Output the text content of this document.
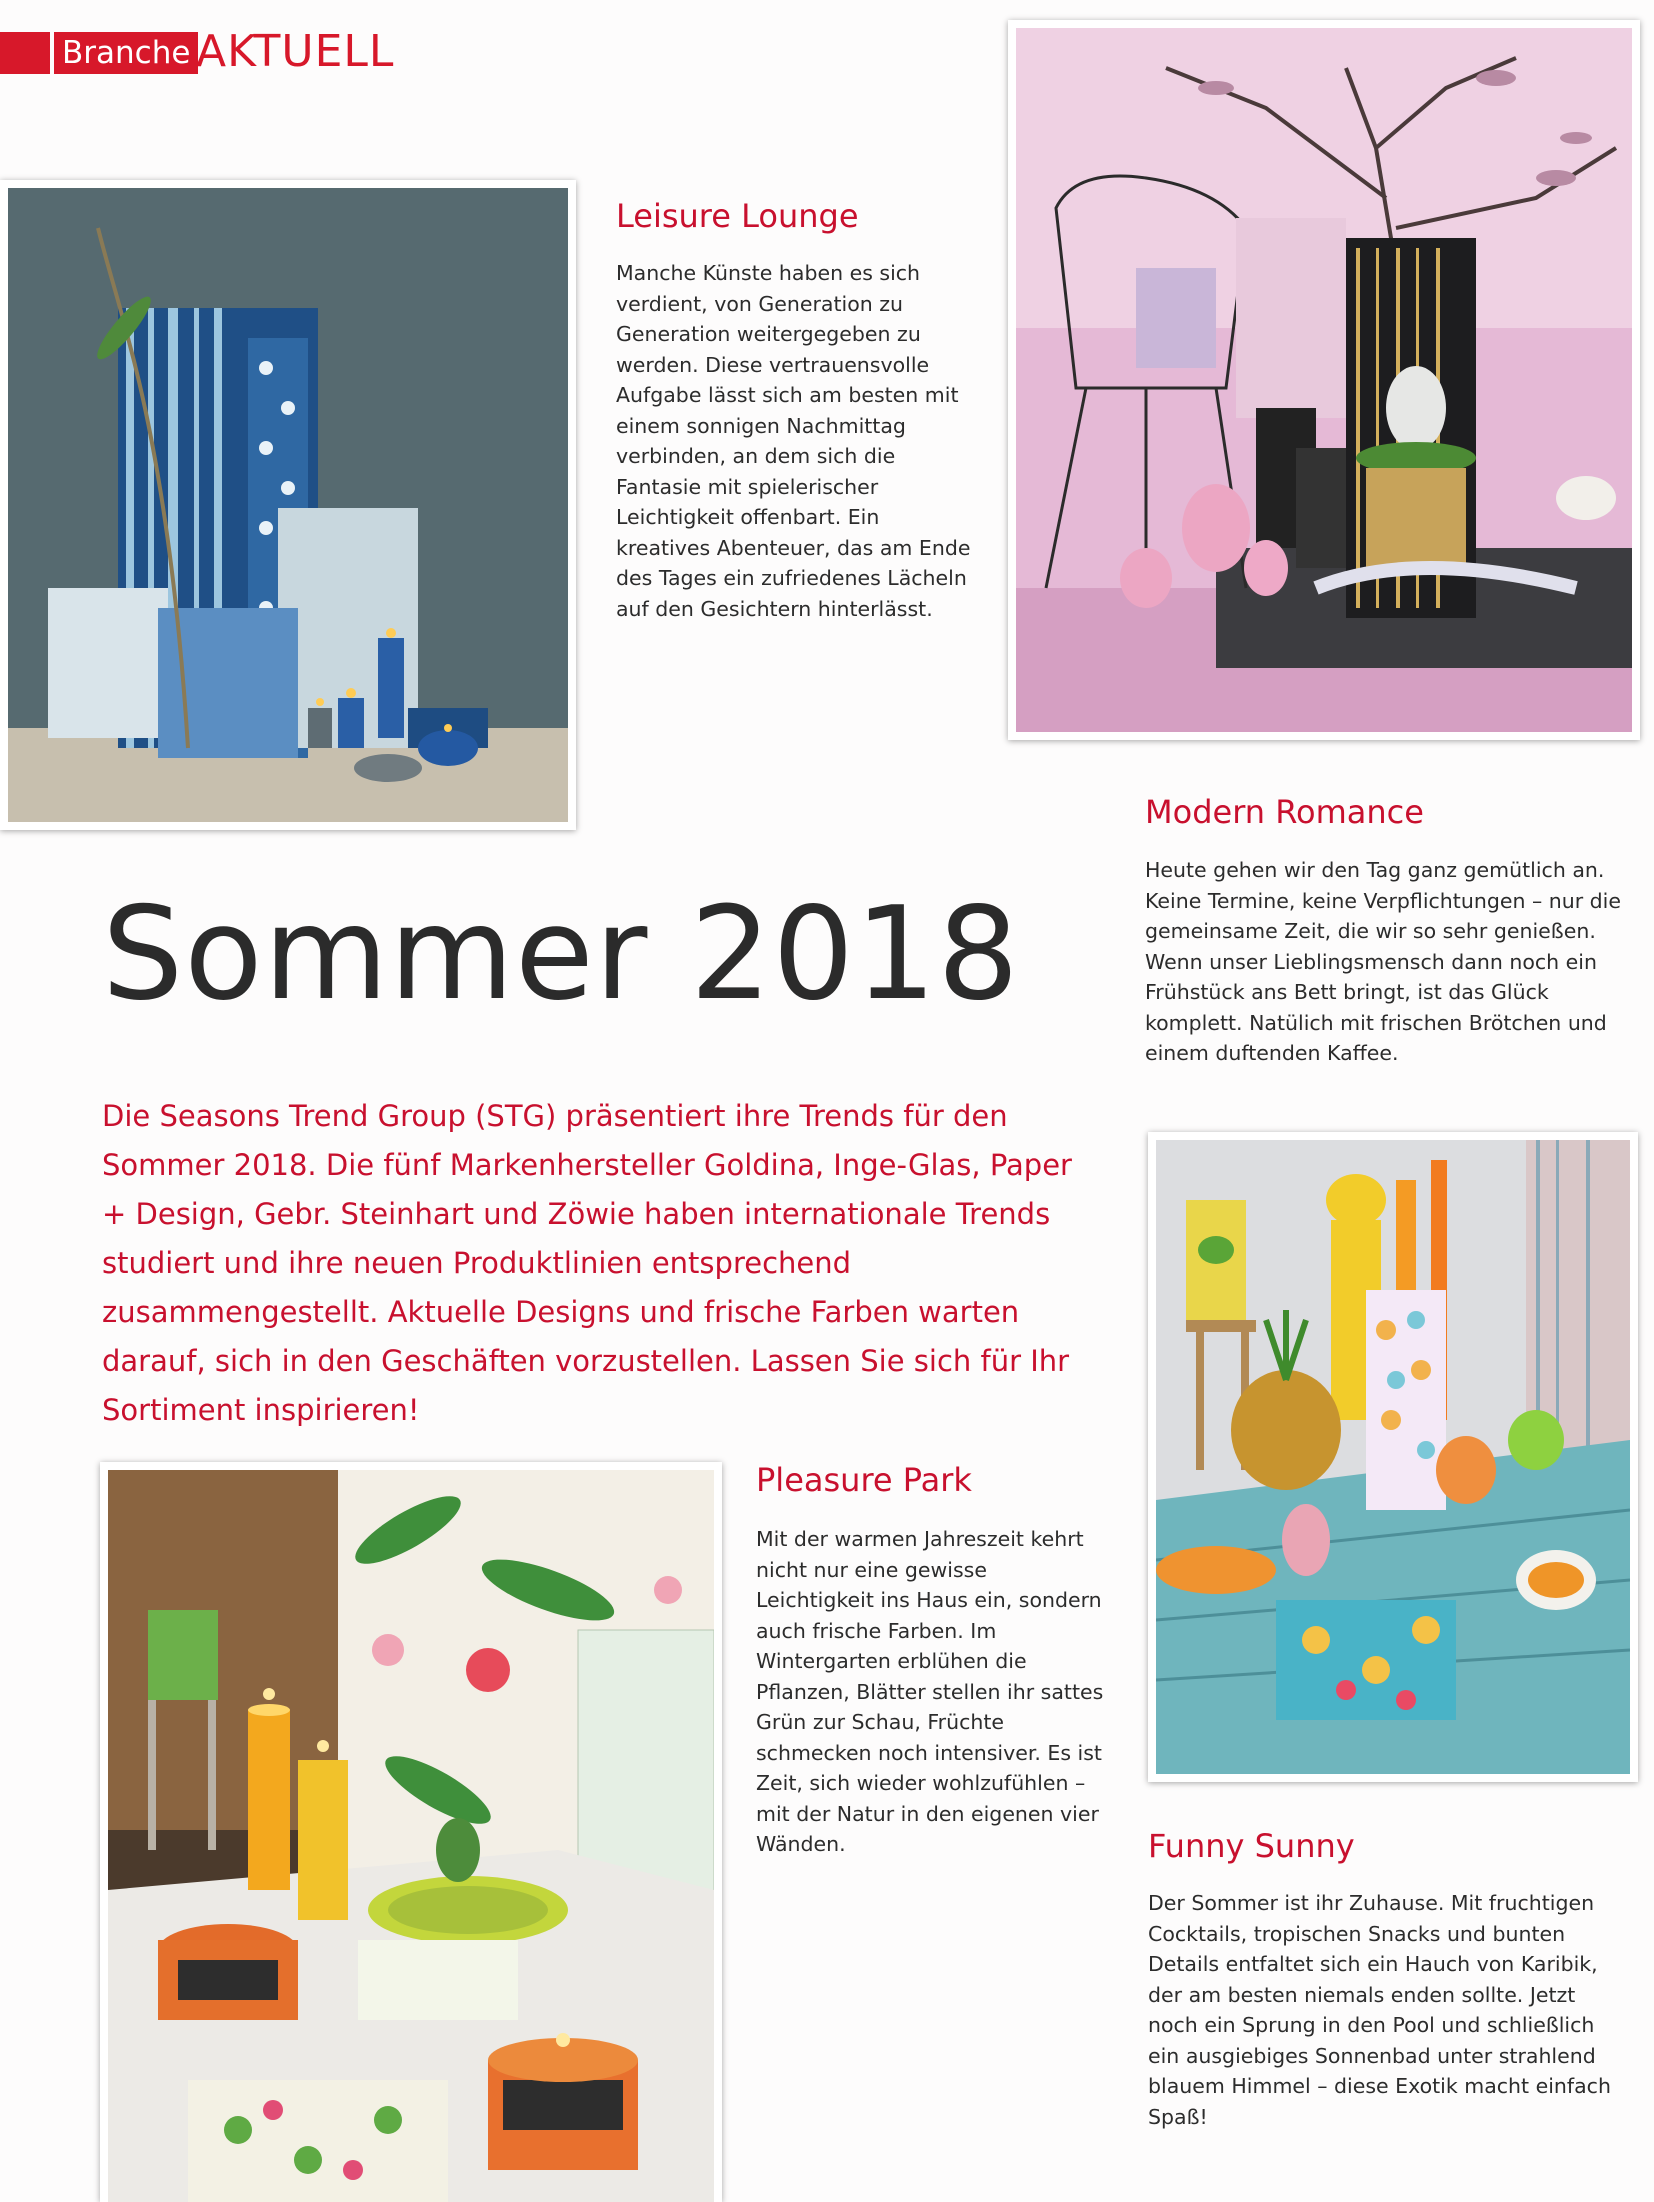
Branche AKTUELL
Leisure Lounge
Manche Künste haben es sich verdient, von Generation zu Generation weitergegeben zu werden. Diese vertrauensvolle Aufgabe lässt sich am besten mit einem sonnigen Nachmittag verbinden, an dem sich die Fantasie mit spielerischer Leichtigkeit offenbart. Ein kreatives Abenteuer, das am Ende des Tages ein zufriedenes Lächeln auf den Gesichtern hinterlässt.
Modern Romance
Heute gehen wir den Tag ganz gemütlich an. Keine Termine, keine Verpflichtungen – nur die gemeinsame Zeit, die wir so sehr genießen. Wenn unser Lieblingsmensch dann noch ein Frühstück ans Bett bringt, ist das Glück komplett. Natülich mit frischen Brötchen und einem duftenden Kaffee.
Sommer 2018
Die Seasons Trend Group (STG) präsentiert ihre Trends für den Sommer 2018. Die fünf Markenhersteller Goldina, Inge-Glas, Paper + Design, Gebr. Steinhart und Zöwie haben internationale Trends studiert und ihre neuen Produktlinien entsprechend zusammengestellt. Aktuelle Designs und frische Farben warten darauf, sich in den Geschäften vorzustellen. Lassen Sie sich für Ihr Sortiment inspirieren!
Funny Sunny
Der Sommer ist ihr Zuhause. Mit fruchtigen Cocktails, tropischen Snacks und bunten Details entfaltet sich ein Hauch von Karibik, der am besten niemals enden sollte. Jetzt noch ein Sprung in den Pool und schließlich ein ausgiebiges Sonnenbad unter strahlend blauem Himmel – diese Exotik macht einfach Spaß!
Pleasure Park
Mit der warmen Jahreszeit kehrt nicht nur eine gewisse Leichtigkeit ins Haus ein, sondern auch frische Farben. Im Wintergarten erblühen die Pflanzen, Blätter stellen ihr sattes Grün zur Schau, Früchte schmecken noch intensiver. Es ist Zeit, sich wieder wohlzufühlen – mit der Natur in den eigenen vier Wänden.
